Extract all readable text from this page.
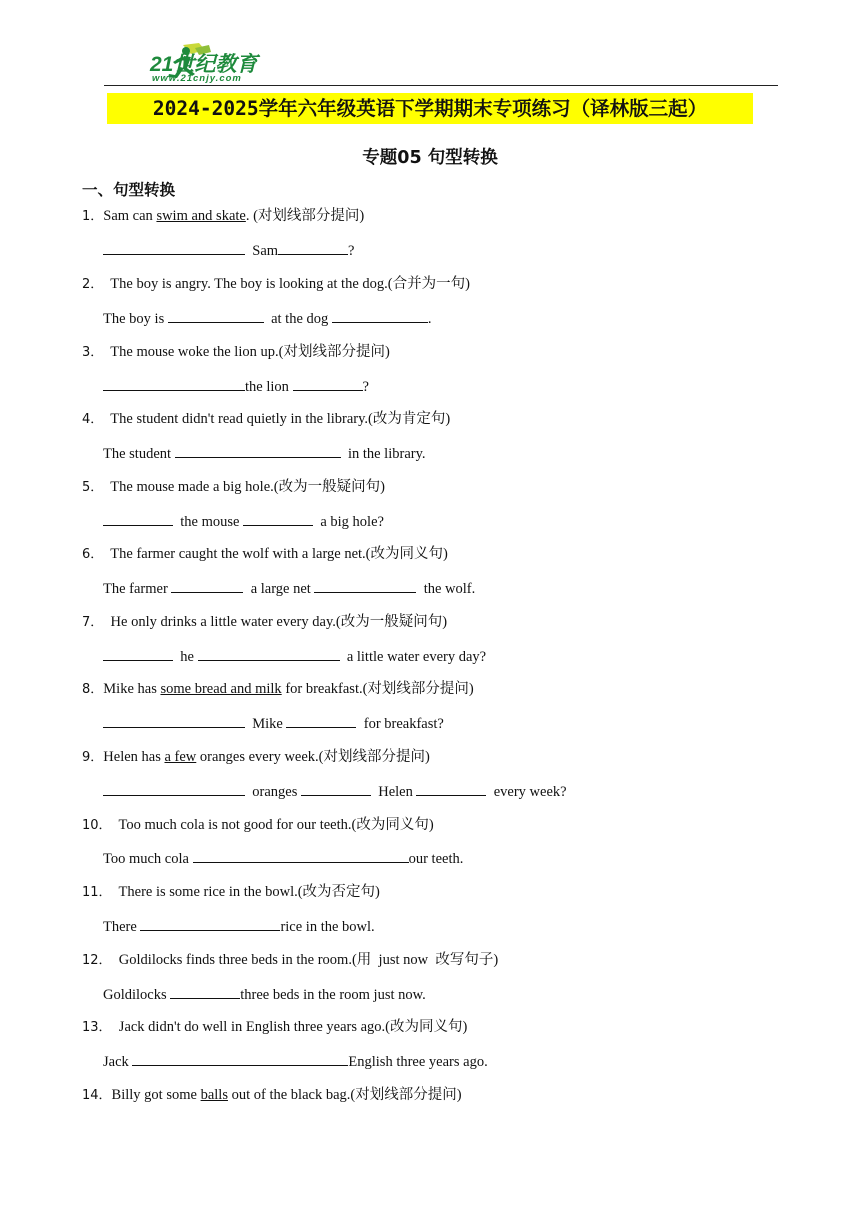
21世纪教育
www.21cnjy.com
2024-2025学年六年级英语下学期期末专项练习（译林版三起）
专题05 句型转换
一、句型转换
1．Sam can swim and skate. (对划线部分提问)
Sam	?
2． The boy is angry. The boy is looking at the dog.(合并为一句)
The boy is	at the dog	.
3． The mouse woke the lion up.(对划线部分提问)
the lion	?
4． The student didn't read quietly in the library.(改为肯定句)
The student	in the library.
5． The mouse made a big hole.(改为一般疑问句)
the mouse	a big hole?
6． The farmer caught the wolf with a large net.(改为同义句)
The farmer	a large net	the wolf.
7． He only drinks a little water every day.(改为一般疑问句)
he	a little water every day?
8．Mike has some bread and milk for breakfast.(对划线部分提问)
Mike	for breakfast?
9．Helen has a few oranges every week.(对划线部分提问)
oranges	Helen	every week?
10． Too much cola is not good for our teeth.(改为同义句)
Too much cola	our teeth.
11． There is some rice in the bowl.(改为否定句)
There	rice in the bowl.
12． Goldilocks finds three beds in the room.(用  just now  改写句子)
Goldilocks	three beds in the room just now.
13． Jack didn't do well in English three years ago.(改为同义句)
Jack	English three years ago.
14．Billy got some balls out of the black bag.(对划线部分提问)
